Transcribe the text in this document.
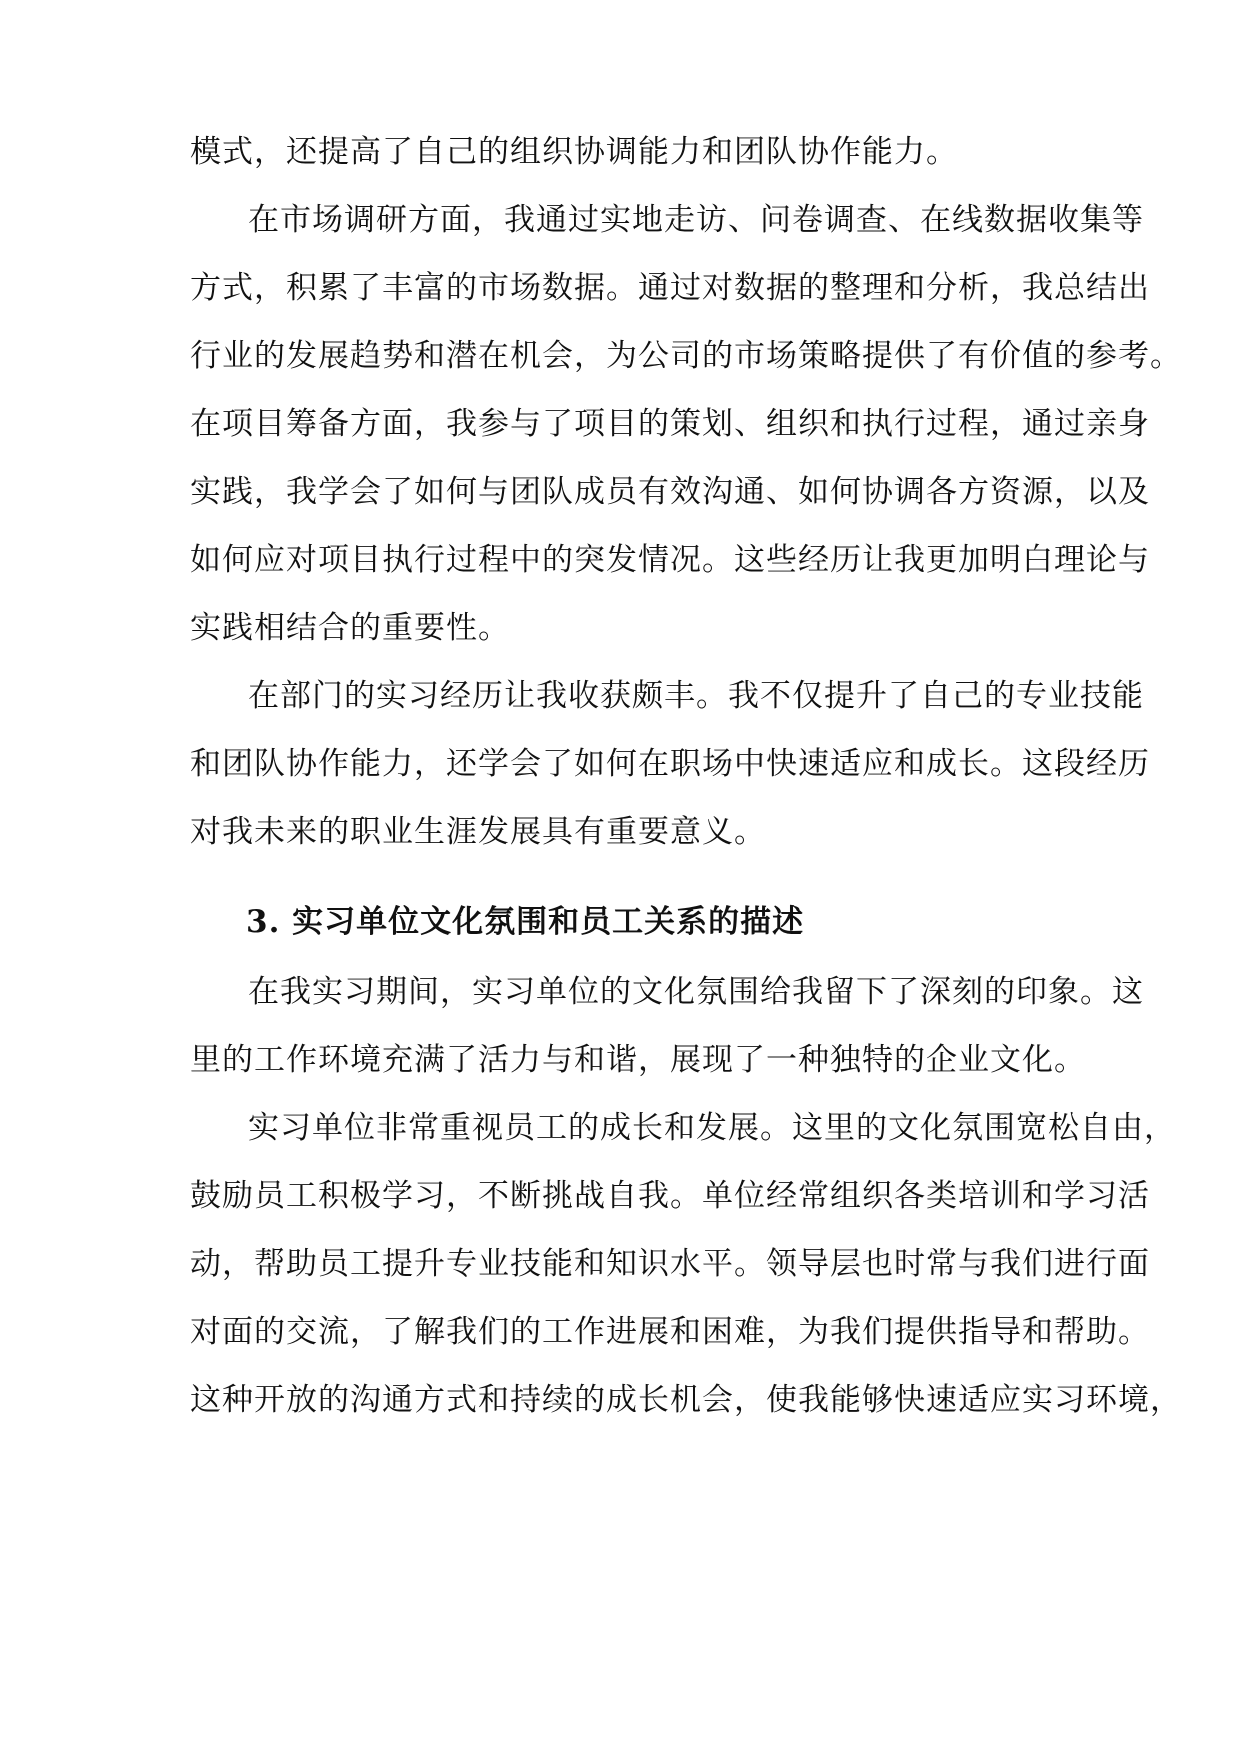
模式，还提高了自己的组织协调能力和团队协作能力。
在市场调研方面，我通过实地走访、问卷调查、在线数据收集等
方式，积累了丰富的市场数据。通过对数据的整理和分析，我总结出
行业的发展趋势和潜在机会，为公司的市场策略提供了有价值的参考。
在项目筹备方面，我参与了项目的策划、组织和执行过程，通过亲身
实践，我学会了如何与团队成员有效沟通、如何协调各方资源，以及
如何应对项目执行过程中的突发情况。这些经历让我更加明白理论与
实践相结合的重要性。
在部门的实习经历让我收获颇丰。我不仅提升了自己的专业技能
和团队协作能力，还学会了如何在职场中快速适应和成长。这段经历
对我未来的职业生涯发展具有重要意义。
3. 实习单位文化氛围和员工关系的描述
在我实习期间，实习单位的文化氛围给我留下了深刻的印象。这
里的工作环境充满了活力与和谐，展现了一种独特的企业文化。
实习单位非常重视员工的成长和发展。这里的文化氛围宽松自由，
鼓励员工积极学习，不断挑战自我。单位经常组织各类培训和学习活
动，帮助员工提升专业技能和知识水平。领导层也时常与我们进行面
对面的交流，了解我们的工作进展和困难，为我们提供指导和帮助。
这种开放的沟通方式和持续的成长机会，使我能够快速适应实习环境，
